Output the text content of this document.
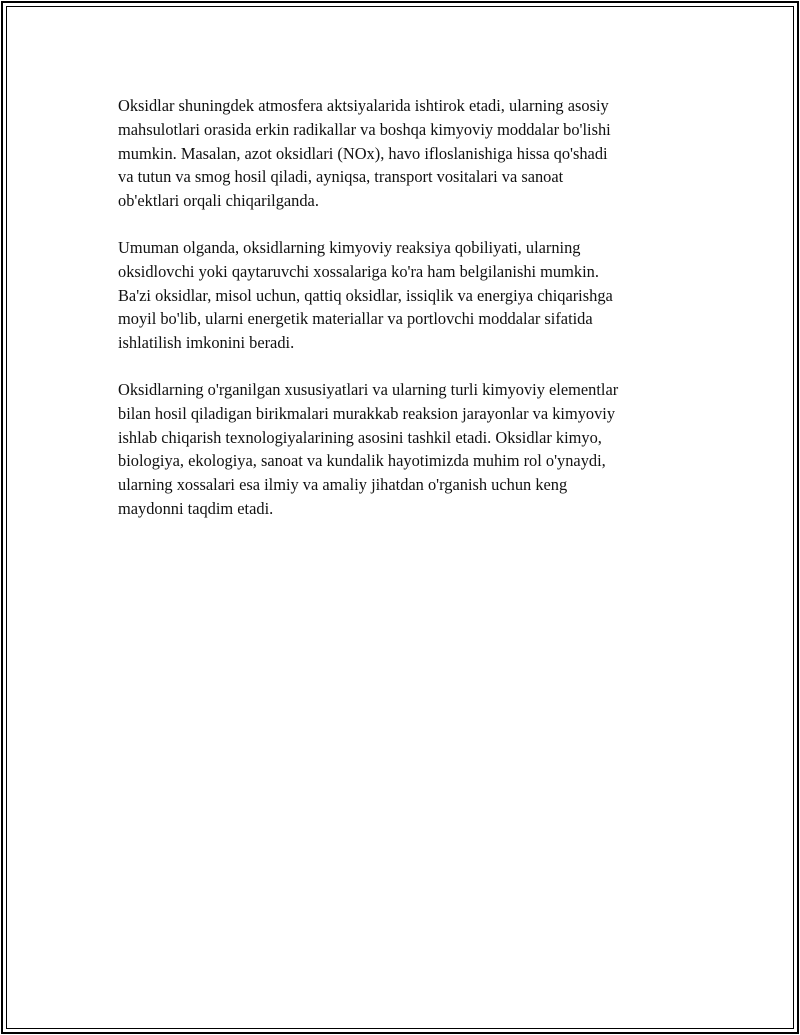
Oksidlar shuningdek atmosfera aktsiyalarida ishtirok etadi, ularning asosiy
mahsulotlari orasida erkin radikallar va boshqa kimyoviy moddalar bo'lishi
mumkin. Masalan, azot oksidlari (NOx), havo ifloslanishiga hissa qo'shadi
va tutun va smog hosil qiladi, ayniqsa, transport vositalari va sanoat
ob'ektlari orqali chiqarilganda.

Umuman olganda, oksidlarning kimyoviy reaksiya qobiliyati, ularning
oksidlovchi yoki qaytaruvchi xossalariga ko'ra ham belgilanishi mumkin.
Ba'zi oksidlar, misol uchun, qattiq oksidlar, issiqlik va energiya chiqarishga
moyil bo'lib, ularni energetik materiallar va portlovchi moddalar sifatida
ishlatilish imkonini beradi.

Oksidlarning o'rganilgan xususiyatlari va ularning turli kimyoviy elementlar
bilan hosil qiladigan birikmalari murakkab reaksion jarayonlar va kimyoviy
ishlab chiqarish texnologiyalarining asosini tashkil etadi. Oksidlar kimyo,
biologiya, ekologiya, sanoat va kundalik hayotimizda muhim rol o'ynaydi,
ularning xossalari esa ilmiy va amaliy jihatdan o'rganish uchun keng
maydonni taqdim etadi.
